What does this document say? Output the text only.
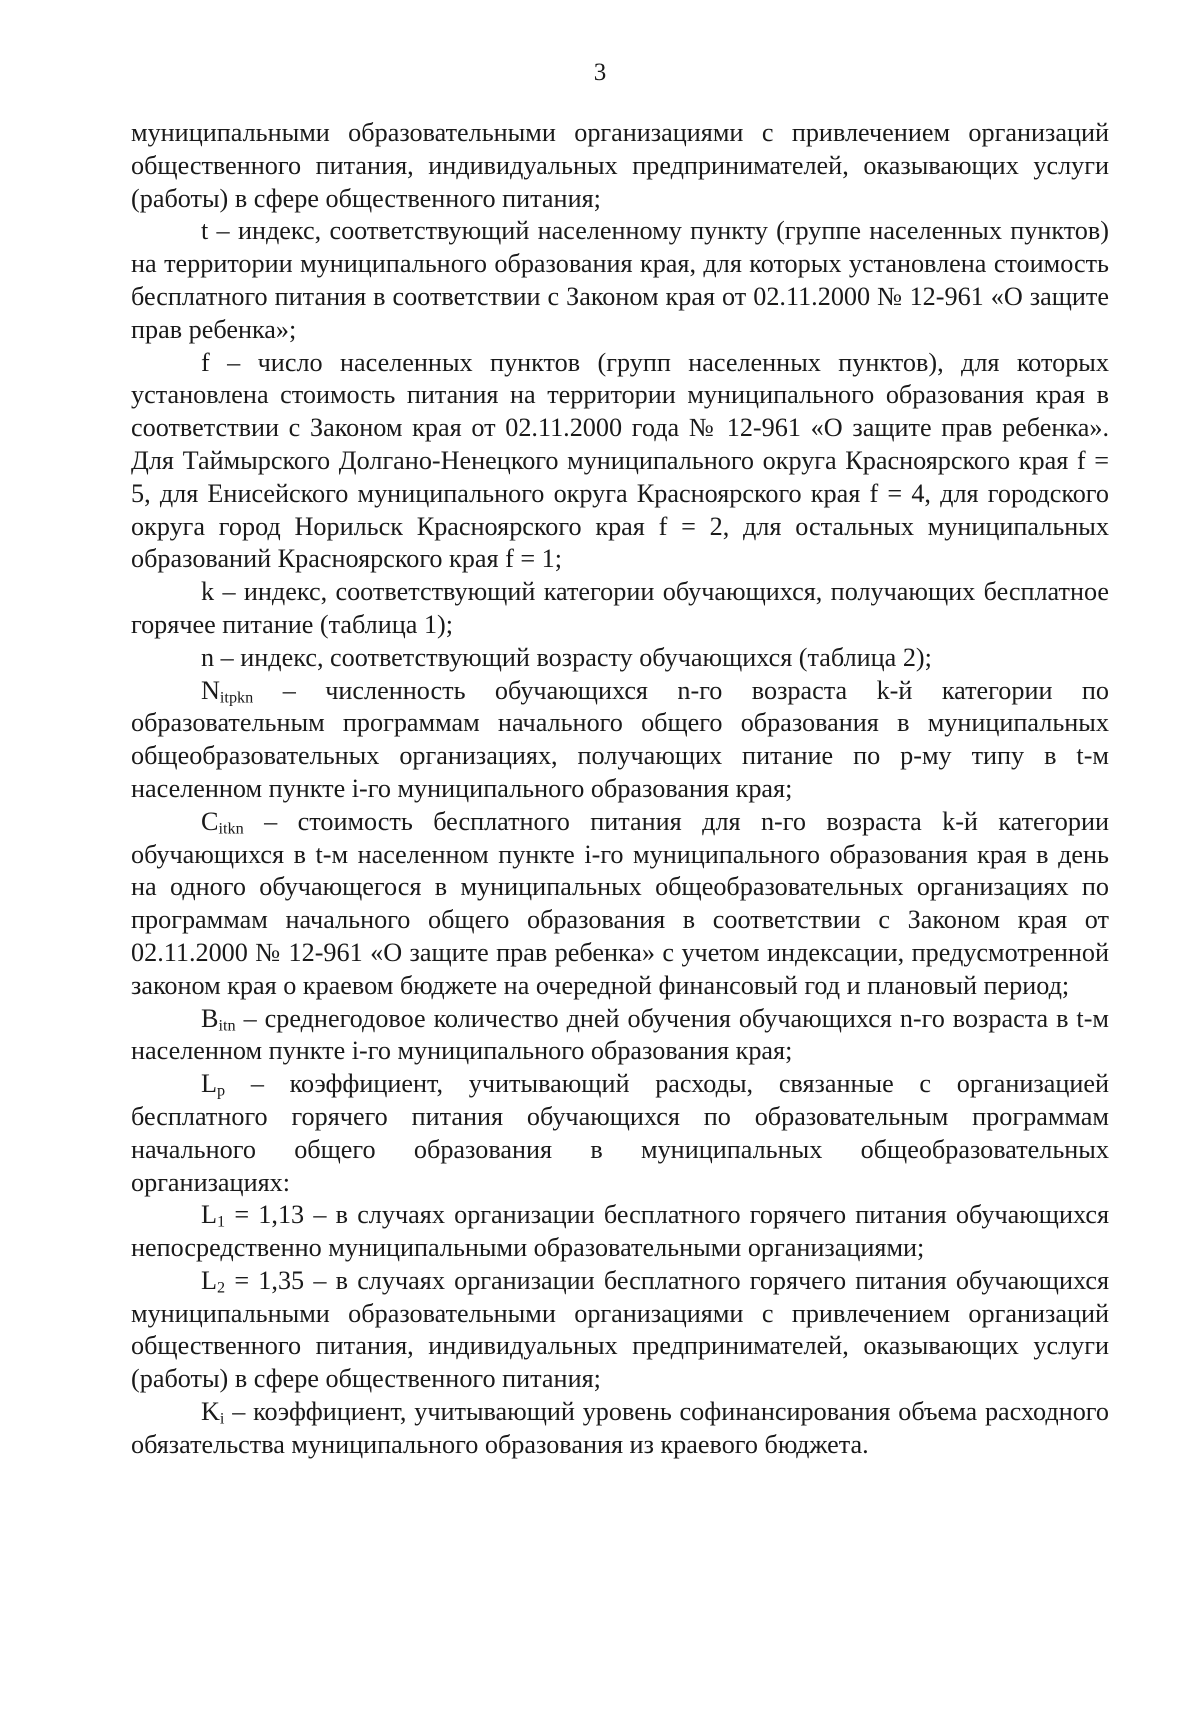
3

муниципальными образовательными организациями с привлечением организаций общественного питания, индивидуальных предпринимателей, оказывающих услуги (работы) в сфере общественного питания;

t – индекс, соответствующий населенному пункту (группе населенных пунктов) на территории муниципального образования края, для которых установлена стоимость бесплатного питания в соответствии с Законом края от 02.11.2000 № 12-961 «О защите прав ребенка»;

f – число населенных пунктов (групп населенных пунктов), для которых установлена стоимость питания на территории муниципального образования края в соответствии с Законом края от 02.11.2000 года № 12-961 «О защите прав ребенка». Для Таймырского Долгано-Ненецкого муниципального округа Красноярского края f = 5, для Енисейского муниципального округа Красноярского края f = 4, для городского округа город Норильск Красноярского края f = 2, для остальных муниципальных образований Красноярского края f = 1;

k – индекс, соответствующий категории обучающихся, получающих бесплатное горячее питание (таблица 1);

n – индекс, соответствующий возрасту обучающихся (таблица 2);

$N_{itpkn}$ – численность обучающихся n-го возраста k-й категории по образовательным программам начального общего образования в муниципальных общеобразовательных организациях, получающих питание по p-му типу в t-м населенном пункте i-го муниципального образования края;

$C_{itkn}$ – стоимость бесплатного питания для n-го возраста k-й категории обучающихся в t-м населенном пункте i-го муниципального образования края в день на одного обучающегося в муниципальных общеобразовательных организациях по программам начального общего образования в соответствии с Законом края от 02.11.2000 № 12-961 «О защите прав ребенка» с учетом индексации, предусмотренной законом края о краевом бюджете на очередной финансовый год и плановый период;

$B_{itn}$ – среднегодовое количество дней обучения обучающихся n-го возраста в t-м населенном пункте i-го муниципального образования края;

$L_p$ – коэффициент, учитывающий расходы, связанные с организацией бесплатного горячего питания обучающихся по образовательным программам начального общего образования в муниципальных общеобразовательных организациях:

$L_1 = 1,13 - в$ случаях организации бесплатного горячего питания обучающихся непосредственно муниципальными образовательными организациями;

$L_2 = 1,35 - в$ случаях организации бесплатного горячего питания обучающихся муниципальными образовательными организациями с привлечением организаций общественного питания, индивидуальных предпринимателей, оказывающих услуги (работы) в сфере общественного питания;

$K_i$ – коэффициент, учитывающий уровень софинансирования объема расходного обязательства муниципального образования из краевого бюджета.
